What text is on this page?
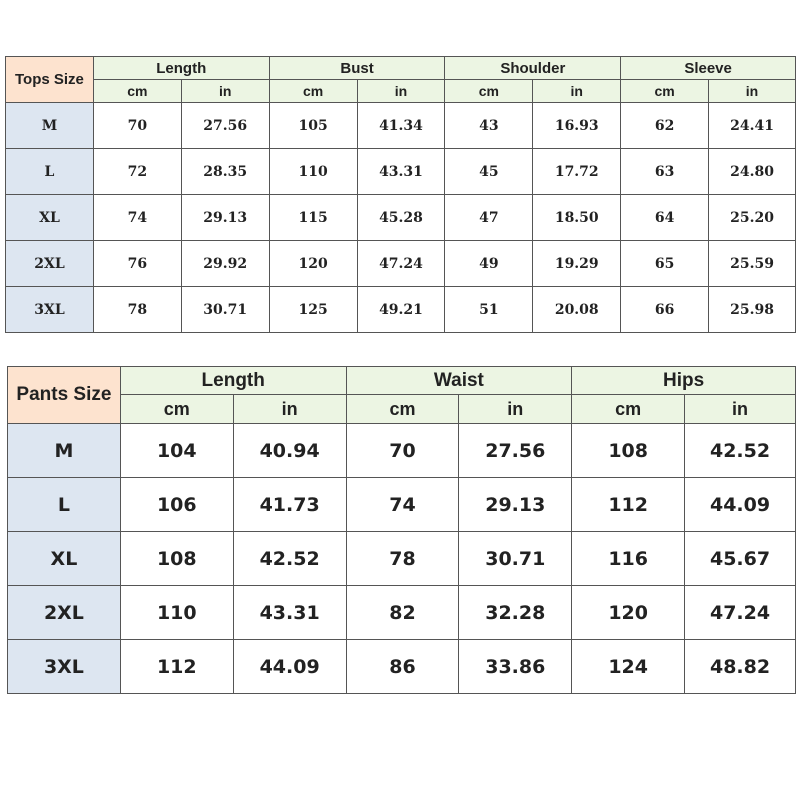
Tops Size	Length		Bust		Shoulder		Sleeve	
	cm	in	cm	in	cm	in	cm	in
M	70	27.56	105	41.34	43	16.93	62	24.41
L	72	28.35	110	43.31	45	17.72	63	24.80
XL	74	29.13	115	45.28	47	18.50	64	25.20
2XL	76	29.92	120	47.24	49	19.29	65	25.59
3XL	78	30.71	125	49.21	51	20.08	66	25.98
Pants Size	Length		Waist		Hips	
	cm	in	cm	in	cm	in
M	104	40.94	70	27.56	108	42.52
L	106	41.73	74	29.13	112	44.09
XL	108	42.52	78	30.71	116	45.67
2XL	110	43.31	82	32.28	120	47.24
3XL	112	44.09	86	33.86	124	48.82
